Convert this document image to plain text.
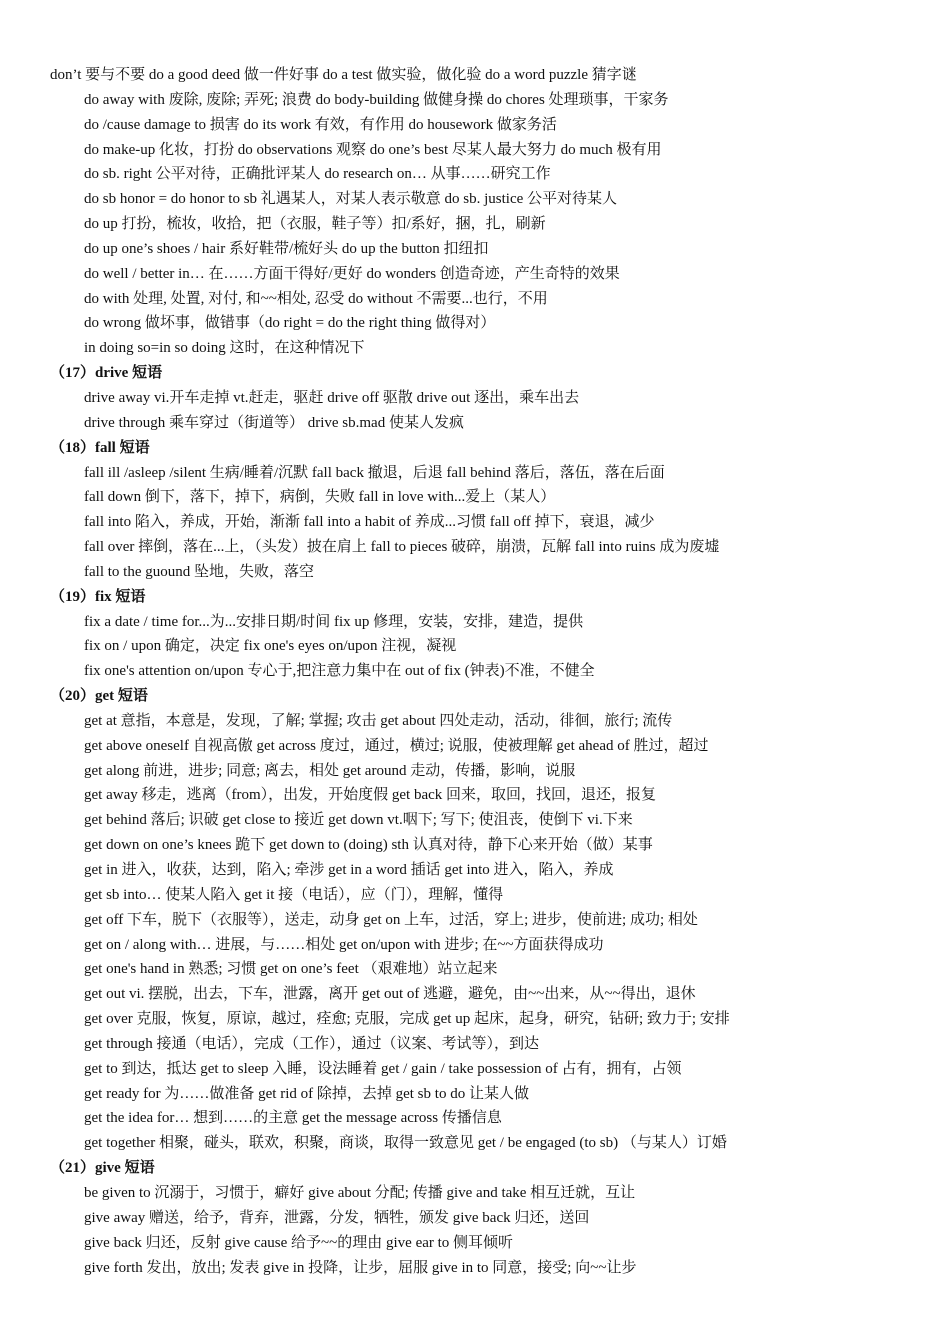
don’t 要与不要 do a good deed 做一件好事 do a test 做实验，做化验 do a word puzzle 猜字谜
do away with 废除, 废除; 弄死; 浪费 do body-building 做健身操 do chores 处理琐事，干家务
do /cause damage to 损害 do its work 有效，有作用 do housework 做家务活
do make-up 化妆，打扮 do observations 观察 do one’s best 尽某人最大努力 do much 极有用
do sb. right 公平对待，正确批评某人 do research on… 从事……研究工作
do sb honor = do honor to sb 礼遇某人，对某人表示敬意 do sb. justice 公平对待某人
do up 打扮，梳妆，收拾，把（衣服，鞋子等）扣/系好，捆，扎，刷新
do up one’s shoes / hair 系好鞋带/梳好头 do up the button 扣纽扣
do well / better in… 在……方面干得好/更好 do wonders 创造奇迹，产生奇特的效果
do with 处理, 处置, 对付, 和~~相处, 忍受 do without 不需要...也行，不用
do wrong 做坏事，做错事（do right = do the right thing 做得对）
in doing so=in so doing 这时，在这种情况下
（17）drive 短语
drive away vi.开车走掉 vt.赶走，驱赶 drive off 驱散 drive out 逐出，乘车出去
drive through 乘车穿过（街道等） drive sb.mad 使某人发疯
（18）fall 短语
fall ill /asleep /silent 生病/睡着/沉默 fall back 撤退，后退 fall behind 落后，落伍，落在后面
fall down 倒下，落下，掉下，病倒，失败 fall in love with...爱上（某人）
fall into 陷入，养成，开始，渐渐 fall into a habit of 养成...习惯 fall off 掉下，衰退，减少
fall over 摔倒，落在...上，（头发）披在肩上 fall to pieces 破碎，崩溃，瓦解 fall into ruins 成为废墟
fall to the guound 坠地，失败，落空
（19）fix 短语
fix a date / time for...为...安排日期/时间 fix up 修理，安装，安排，建造，提供
fix on / upon 确定，决定 fix one's eyes on/upon 注视，凝视
fix one's attention on/upon 专心于,把注意力集中在 out of fix (钟表)不准，不健全
（20）get 短语
get at 意指，本意是，发现，了解; 掌握; 攻击 get about 四处走动，活动，徘徊，旅行; 流传
get above oneself 自视高傲 get across 度过，通过，横过; 说服，使被理解 get ahead of 胜过，超过
get along 前进，进步; 同意; 离去，相处 get around 走动，传播，影响，说服
get away 移走，逃离（from），出发，开始度假 get back 回来，取回，找回，退还，报复
get behind 落后; 识破 get close to 接近 get down vt.咽下; 写下; 使沮丧，使倒下 vi.下来
get down on one’s knees 跪下 get down to (doing) sth 认真对待，静下心来开始（做）某事
get in 进入，收获，达到，陷入; 牵涉 get in a word 插话 get into 进入，陷入，养成
get sb into… 使某人陷入 get it 接（电话），应（门），理解，懂得
get off 下车，脱下（衣服等），送走，动身 get on 上车，过活，穿上; 进步，使前进; 成功; 相处
get on / along with… 进展，与……相处 get on/upon with 进步; 在~~方面获得成功
get one's hand in 熟悉; 习惯 get on one’s feet （艰难地）站立起来
get out vi. 摆脱，出去，下车，泄露，离开 get out of 逃避，避免，由~~出来，从~~得出，退休
get over 克服，恢复，原谅，越过，痊愈; 克服，完成 get up 起床，起身，研究，钻研; 致力于; 安排
get through 接通（电话），完成（工作），通过（议案、考试等），到达
get to 到达，抵达 get to sleep 入睡，设法睡着 get / gain / take possession of 占有，拥有，占领
get ready for 为……做准备 get rid of 除掉，去掉 get sb to do 让某人做
get the idea for… 想到……的主意 get the message across 传播信息
get together 相聚，碰头，联欢，积聚，商谈，取得一致意见 get / be engaged (to sb) （与某人）订婚
（21）give 短语
be given to 沉溺于，习惯于，癖好 give about 分配; 传播 give and take 相互迁就，互让
give away 赠送，给予，背弃，泄露，分发，牺牲，颁发 give back 归还，送回
give back 归还，反射 give cause 给予~~的理由 give ear to 侧耳倾听
give forth 发出，放出; 发表 give in 投降，让步，屈服 give in to 同意，接受; 向~~让步
